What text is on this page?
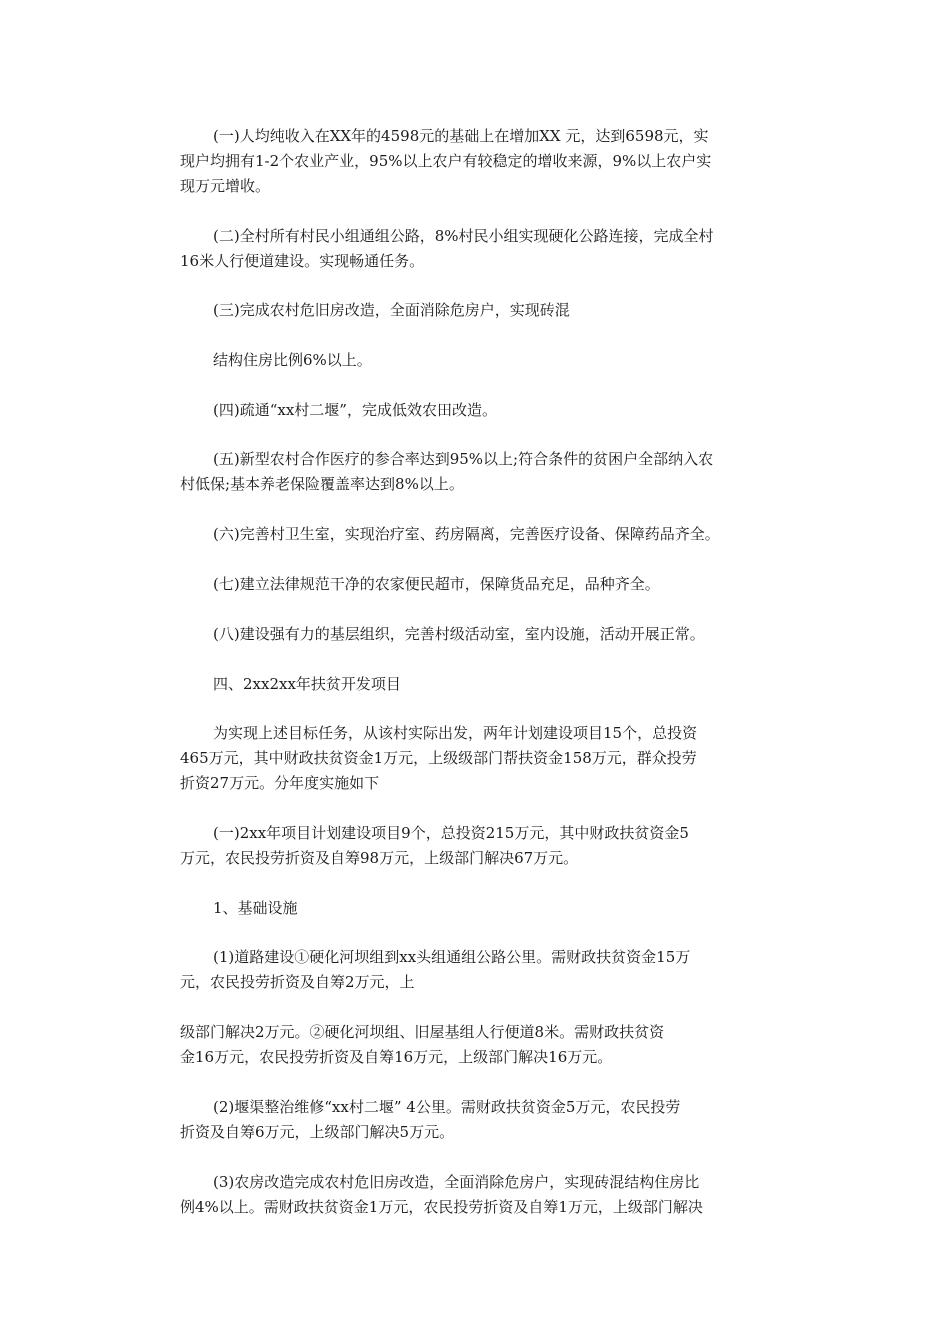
(一)人均纯收入在XX年的4598元的基础上在增加XX 元，达到6598元，实
现户均拥有1-2个农业产业，95%以上农户有较稳定的增收来源，9%以上农户实
现万元增收。
(二)全村所有村民小组通组公路，8%村民小组实现硬化公路连接，完成全村
16米人行便道建设。实现畅通任务。
(三)完成农村危旧房改造，全面消除危房户，实现砖混
结构住房比例6%以上。
(四)疏通“xx村二堰”，完成低效农田改造。
(五)新型农村合作医疗的参合率达到95%以上;符合条件的贫困户全部纳入农
村低保;基本养老保险覆盖率达到8%以上。
(六)完善村卫生室，实现治疗室、药房隔离，完善医疗设备、保障药品齐全。
(七)建立法律规范干净的农家便民超市，保障货品充足，品种齐全。
(八)建设强有力的基层组织，完善村级活动室，室内设施，活动开展正常。
四、2xx2xx年扶贫开发项目
为实现上述目标任务，从该村实际出发，两年计划建设项目15个，总投资
465万元，其中财政扶贫资金1万元，上级级部门帮扶资金158万元，群众投劳
折资27万元。分年度实施如下
(一)2xx年项目计划建设项目9个，总投资215万元，其中财政扶贫资金5
万元，农民投劳折资及自筹98万元，上级部门解决67万元。
1、基础设施
(1)道路建设①硬化河坝组到xx头组通组公路公里。需财政扶贫资金15万
元，农民投劳折资及自筹2万元，上
级部门解决2万元。②硬化河坝组、旧屋基组人行便道8米。需财政扶贫资
金16万元，农民投劳折资及自筹16万元，上级部门解决16万元。
(2)堰渠整治维修“xx村二堰” 4公里。需财政扶贫资金5万元，农民投劳
折资及自筹6万元，上级部门解决5万元。
(3)农房改造完成农村危旧房改造，全面消除危房户，实现砖混结构住房比
例4%以上。需财政扶贫资金1万元，农民投劳折资及自筹1万元，上级部门解决
